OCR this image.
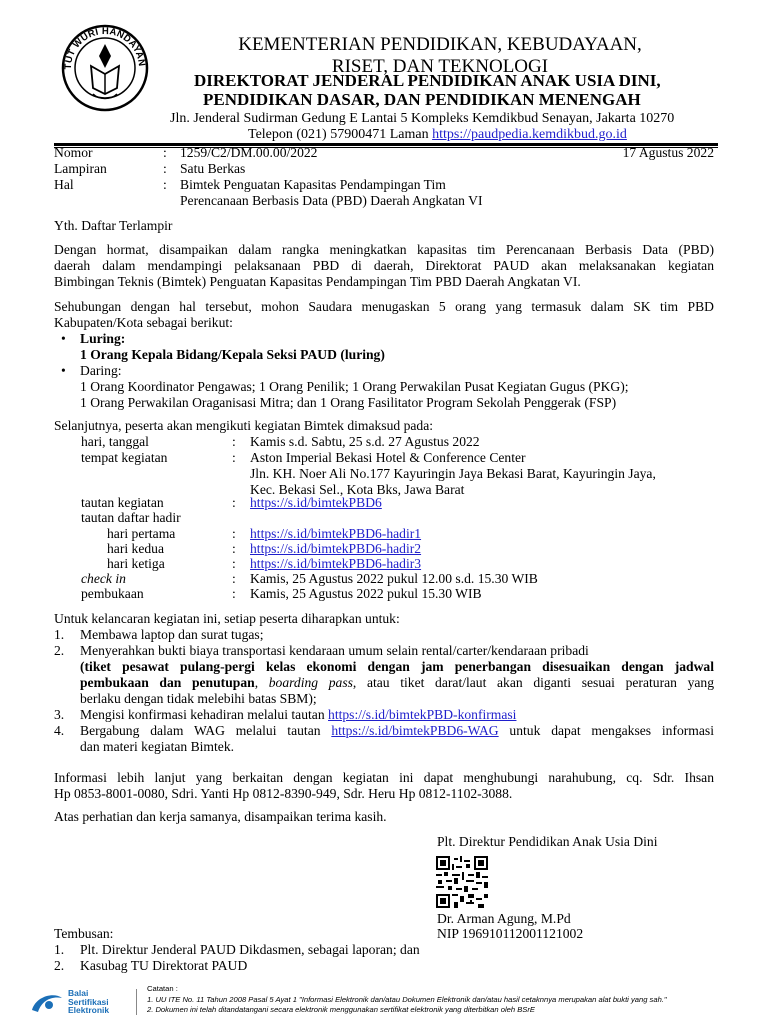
TUT WURI HANDAYAN
KEMENTERIAN PENDIDIKAN, KEBUDAYAAN,
RISET, DAN TEKNOLOGI
DIREKTORAT JENDERAL PENDIDIKAN ANAK USIA DINI,
PENDIDIKAN DASAR, DAN PENDIDIKAN MENENGAH
Jln. Jenderal Sudirman Gedung E Lantai 5 Kompleks Kemdikbud Senayan, Jakarta 10270
Telepon (021) 57900471 Laman https://paudpedia.kemdikbud.go.id
Nomor	: 1259/C2/DM.00.00/2022	17 Agustus 2022
Lampiran	: Satu Berkas
Hal	: Bimtek Penguatan Kapasitas Pendampingan Tim
Perencanaan Berbasis Data (PBD) Daerah Angkatan VI
Yth. Daftar Terlampir
Dengan hormat, disampaikan dalam rangka meningkatkan kapasitas tim Perencanaan Berbasis Data (PBD)
daerah dalam mendampingi pelaksanaan PBD di daerah, Direktorat PAUD akan melaksanakan kegiatan
Bimbingan Teknis (Bimtek) Penguatan Kapasitas Pendampingan Tim PBD Daerah Angkatan VI.
Sehubungan dengan hal tersebut, mohon Saudara menugaskan 5 orang yang termasuk dalam SK tim PBD
Kabupaten/Kota sebagai berikut:
• Luring:
1 Orang Kepala Bidang/Kepala Seksi PAUD (luring)
• Daring:
1 Orang Koordinator Pengawas; 1 Orang Penilik; 1 Orang Perwakilan Pusat Kegiatan Gugus (PKG);
1 Orang Perwakilan Oraganisasi Mitra; dan 1 Orang Fasilitator Program Sekolah Penggerak (FSP)
Selanjutnya, peserta akan mengikuti kegiatan Bimtek dimaksud pada:
hari, tanggal	: Kamis s.d. Sabtu, 25 s.d. 27 Agustus 2022
tempat kegiatan	: Aston Imperial Bekasi Hotel & Conference Center
Jln. KH. Noer Ali No.177 Kayuringin Jaya Bekasi Barat, Kayuringin Jaya,
Kec. Bekasi Sel., Kota Bks, Jawa Barat
tautan kegiatan	: https://s.id/bimtekPBD6
tautan daftar hadir
hari pertama	: https://s.id/bimtekPBD6-hadir1
hari kedua	: https://s.id/bimtekPBD6-hadir2
hari ketiga	: https://s.id/bimtekPBD6-hadir3
check in	: Kamis, 25 Agustus 2022 pukul 12.00 s.d. 15.30 WIB
pembukaan	: Kamis, 25 Agustus 2022 pukul 15.30 WIB
Untuk kelancaran kegiatan ini, setiap peserta diharapkan untuk:
1. Membawa laptop dan surat tugas;
2. Menyerahkan bukti biaya transportasi kendaraan umum selain rental/carter/kendaraan pribadi
(tiket pesawat pulang-pergi kelas ekonomi dengan jam penerbangan disesuaikan dengan jadwal
pembukaan dan penutupan, boarding pass, atau tiket darat/laut akan diganti sesuai peraturan yang
berlaku dengan tidak melebihi batas SBM);
3. Mengisi konfirmasi kehadiran melalui tautan https://s.id/bimtekPBD-konfirmasi
4. Bergabung dalam WAG melalui tautan https://s.id/bimtekPBD6-WAG untuk dapat mengakses informasi
dan materi kegiatan Bimtek.
Informasi lebih lanjut yang berkaitan dengan kegiatan ini dapat menghubungi narahubung, cq. Sdr. Ihsan
Hp 0853-8001-0080, Sdri. Yanti Hp 0812-8390-949, Sdr. Heru Hp 0812-1102-3088.
Atas perhatian dan kerja samanya, disampaikan terima kasih.
Plt. Direktur Pendidikan Anak Usia Dini
Dr. Arman Agung, M.Pd
NIP 196910112001121002
Tembusan:
1. Plt. Direktur Jenderal PAUD Dikdasmen, sebagai laporan; dan
2. Kasubag TU Direktorat PAUD
Balai
Sertifikasi
Elektronik
Catatan :
1. UU ITE No. 11 Tahun 2008 Pasal 5 Ayat 1 "Informasi Elektronik dan/atau Dokumen Elektronik dan/atau hasil cetaknnya merupakan alat bukti yang sah."
2. Dokumen ini telah ditandatangani secara elektronik menggunakan sertifikat elektronik yang diterbitkan oleh BSrE
